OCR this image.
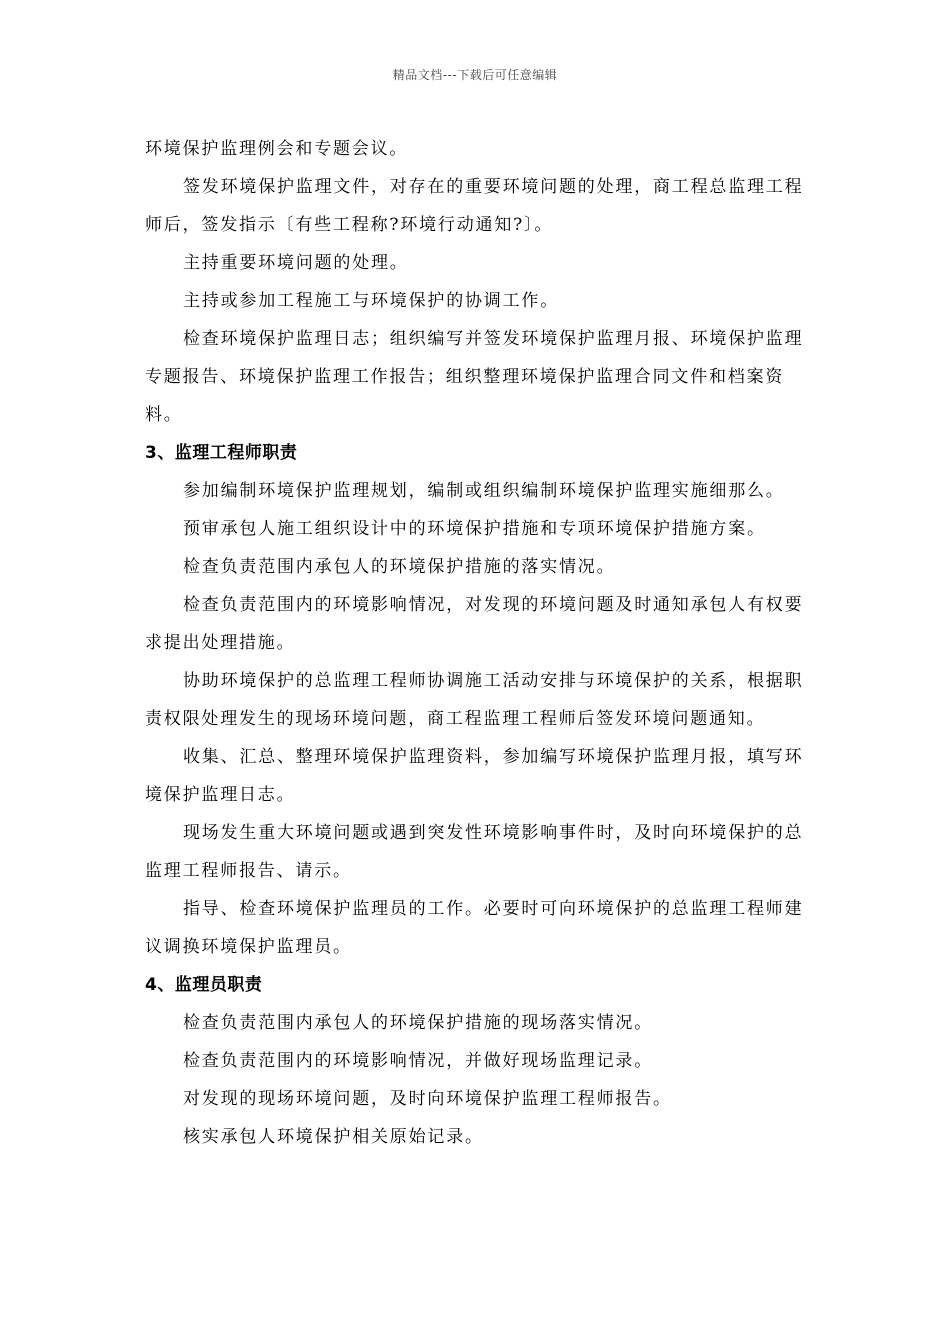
精品文档---下载后可任意编辑

环境保护监理例会和专题会议。

签发环境保护监理文件，对存在的重要环境问题的处理，商工程总监理工程师后，签发指示〔有些工程称?环境行动通知?〕。

主持重要环境问题的处理。

主持或参加工程施工与环境保护的协调工作。

检查环境保护监理日志；组织编写并签发环境保护监理月报、环境保护监理专题报告、环境保护监理工作报告；组织整理环境保护监理合同文件和档案资料。

3、监理工程师职责

参加编制环境保护监理规划，编制或组织编制环境保护监理实施细那么。

预审承包人施工组织设计中的环境保护措施和专项环境保护措施方案。

检查负责范围内承包人的环境保护措施的落实情况。

检查负责范围内的环境影响情况，对发现的环境问题及时通知承包人有权要求提出处理措施。

协助环境保护的总监理工程师协调施工活动安排与环境保护的关系，根据职责权限处理发生的现场环境问题，商工程监理工程师后签发环境问题通知。

收集、汇总、整理环境保护监理资料，参加编写环境保护监理月报，填写环境保护监理日志。

现场发生重大环境问题或遇到突发性环境影响事件时，及时向环境保护的总监理工程师报告、请示。

指导、检查环境保护监理员的工作。必要时可向环境保护的总监理工程师建议调换环境保护监理员。

4、监理员职责

检查负责范围内承包人的环境保护措施的现场落实情况。

检查负责范围内的环境影响情况，并做好现场监理记录。

对发现的现场环境问题，及时向环境保护监理工程师报告。

核实承包人环境保护相关原始记录。
